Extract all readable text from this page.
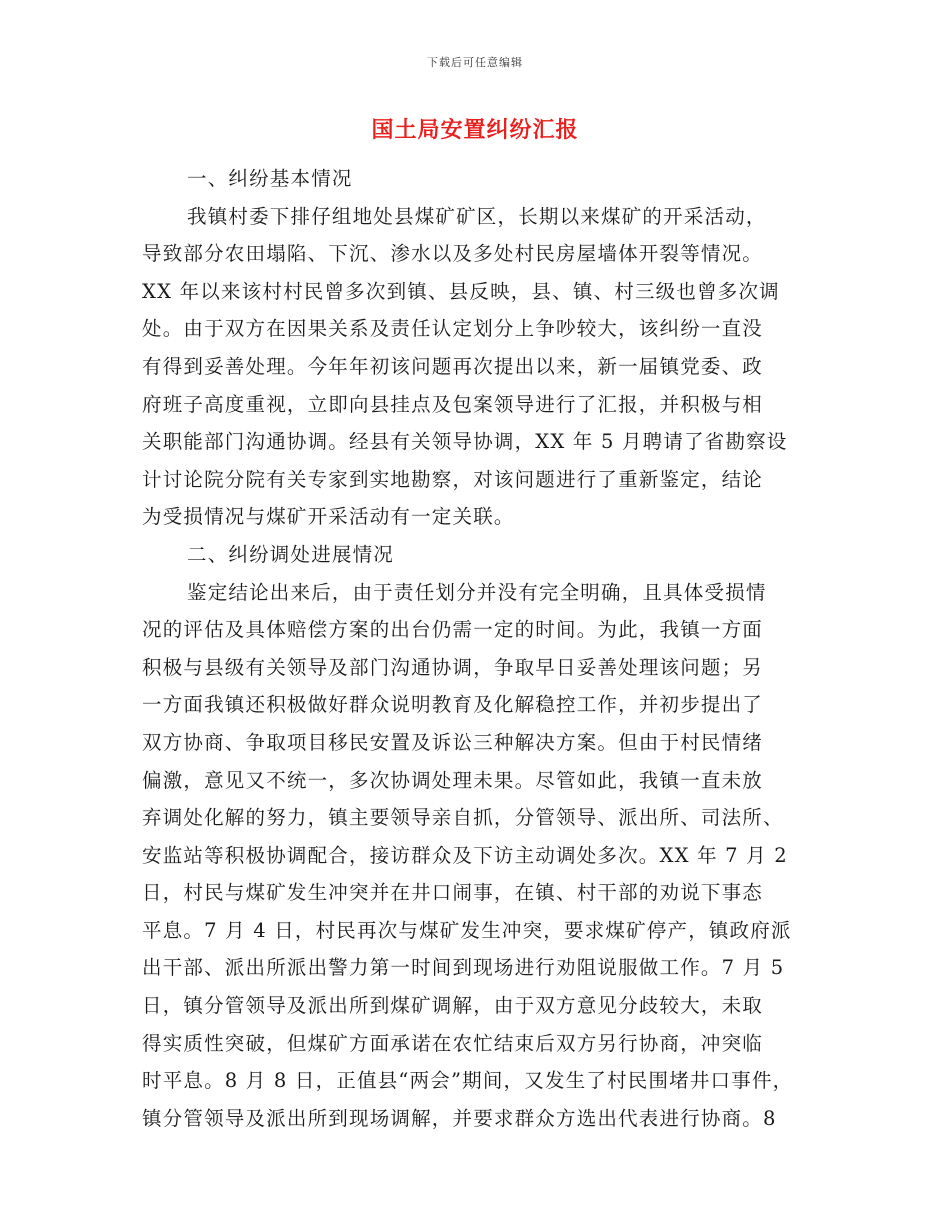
下载后可任意编辑
国土局安置纠纷汇报
一、纠纷基本情况
我镇村委下排仔组地处县煤矿矿区，长期以来煤矿的开采活动，
导致部分农田塌陷、下沉、渗水以及多处村民房屋墙体开裂等情况。
XX 年以来该村村民曾多次到镇、县反映，县、镇、村三级也曾多次调
处。由于双方在因果关系及责任认定划分上争吵较大，该纠纷一直没
有得到妥善处理。今年年初该问题再次提出以来，新一届镇党委、政
府班子高度重视，立即向县挂点及包案领导进行了汇报，并积极与相
关职能部门沟通协调。经县有关领导协调，XX 年 5 月聘请了省勘察设
计讨论院分院有关专家到实地勘察，对该问题进行了重新鉴定，结论
为受损情况与煤矿开采活动有一定关联。
二、纠纷调处进展情况
鉴定结论出来后，由于责任划分并没有完全明确，且具体受损情
况的评估及具体赔偿方案的出台仍需一定的时间。为此，我镇一方面
积极与县级有关领导及部门沟通协调，争取早日妥善处理该问题；另
一方面我镇还积极做好群众说明教育及化解稳控工作，并初步提出了
双方协商、争取项目移民安置及诉讼三种解决方案。但由于村民情绪
偏激，意见又不统一，多次协调处理未果。尽管如此，我镇一直未放
弃调处化解的努力，镇主要领导亲自抓，分管领导、派出所、司法所、
安监站等积极协调配合，接访群众及下访主动调处多次。XX 年 7 月 2
日，村民与煤矿发生冲突并在井口闹事，在镇、村干部的劝说下事态
平息。7 月 4 日，村民再次与煤矿发生冲突，要求煤矿停产，镇政府派
出干部、派出所派出警力第一时间到现场进行劝阻说服做工作。7 月 5
日，镇分管领导及派出所到煤矿调解，由于双方意见分歧较大，未取
得实质性突破，但煤矿方面承诺在农忙结束后双方另行协商，冲突临
时平息。8 月 8 日，正值县“两会”期间，又发生了村民围堵井口事件，
镇分管领导及派出所到现场调解，并要求群众方选出代表进行协商。8
